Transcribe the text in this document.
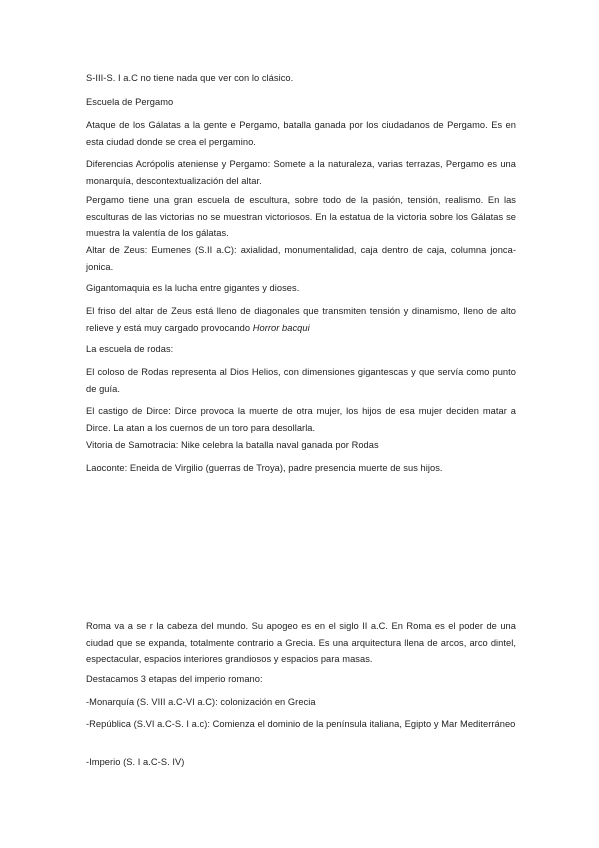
S-III-S. I a.C no tiene nada que ver con lo clásico.

Escuela de Pergamo

Ataque de los Gálatas a la gente e Pergamo, batalla ganada por los ciudadanos de Pergamo. Es en esta ciudad donde se crea el pergamino.

Diferencias Acrópolis ateniense y Pergamo: Somete a la naturaleza, varias terrazas, Pergamo es una monarquía, descontextualización del altar.

Pergamo tiene una gran escuela de escultura, sobre todo de la pasión, tensión, realismo. En las esculturas de las victorias no se muestran victoriosos. En la estatua de la victoria sobre los Gálatas se muestra la valentía de los gálatas.

Altar de Zeus: Eumenes (S.II a.C): axialidad, monumentalidad, caja dentro de caja, columna jonca-jonica.

Gigantomaquia es la lucha entre gigantes y dioses.

El friso del altar de Zeus está lleno de diagonales que transmiten tensión y dinamismo, lleno de alto relieve y está muy cargado provocando Horror bacqui

La escuela de rodas:

El coloso de Rodas representa al Dios Helios, con dimensiones gigantescas y que servía como punto de guía.

El castigo de Dirce: Dirce provoca la muerte de otra mujer, los hijos de esa mujer deciden matar a Dirce. La atan a los cuernos de un toro para desollarla.

Vitoria de Samotracia: Nike celebra la batalla naval ganada por Rodas

Laoconte: Eneida de Virgilio (guerras de Troya), padre presencia muerte de sus hijos.

Roma va a se r la cabeza del mundo. Su apogeo es en el siglo II a.C. En Roma es el poder de una ciudad que se expanda, totalmente contrario a Grecia. Es una arquitectura llena de arcos, arco dintel, espectacular, espacios interiores grandiosos y espacios para masas.

Destacamos 3 etapas del imperio romano:

-Monarquía (S. VIII a.C-VI a.C): colonización en Grecia

-República (S.VI a.C-S. I a.c): Comienza el dominio de la península italiana, Egipto y Mar Mediterráneo

-Imperio (S. I a.C-S. IV)
